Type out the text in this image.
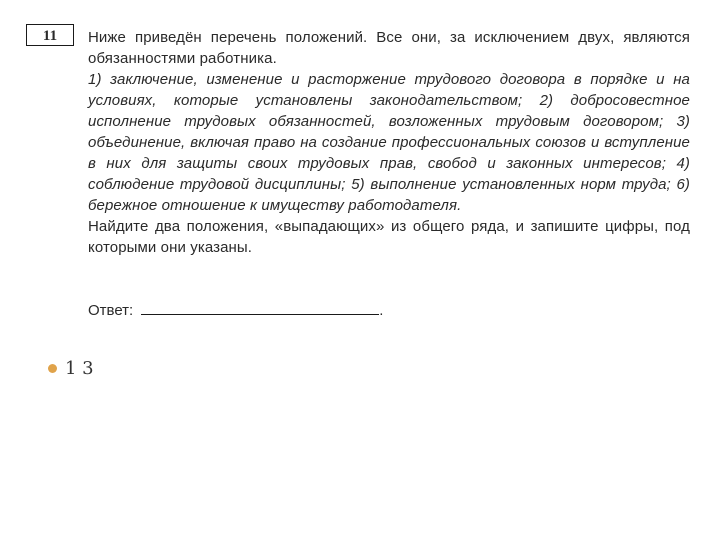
11	Ниже приведён перечень положений. Все они, за исключением двух, являются обязанностями работника.

1) заключение, изменение и расторжение трудового договора в порядке и на условиях, которые установлены законодательством; 2) добросовестное исполнение трудовых обязанностей, возложенных трудовым договором; 3) объединение, включая право на создание профессиональных союзов и вступление в них для защиты своих трудовых прав, свобод и законных интересов; 4) соблюдение трудовой дисциплины; 5) выполнение установленных норм труда; 6) бережное отношение к имуществу работодателя.

Найдите два положения, «выпадающих» из общего ряда, и запишите цифры, под которыми они указаны.

Ответ:	.
1 3
